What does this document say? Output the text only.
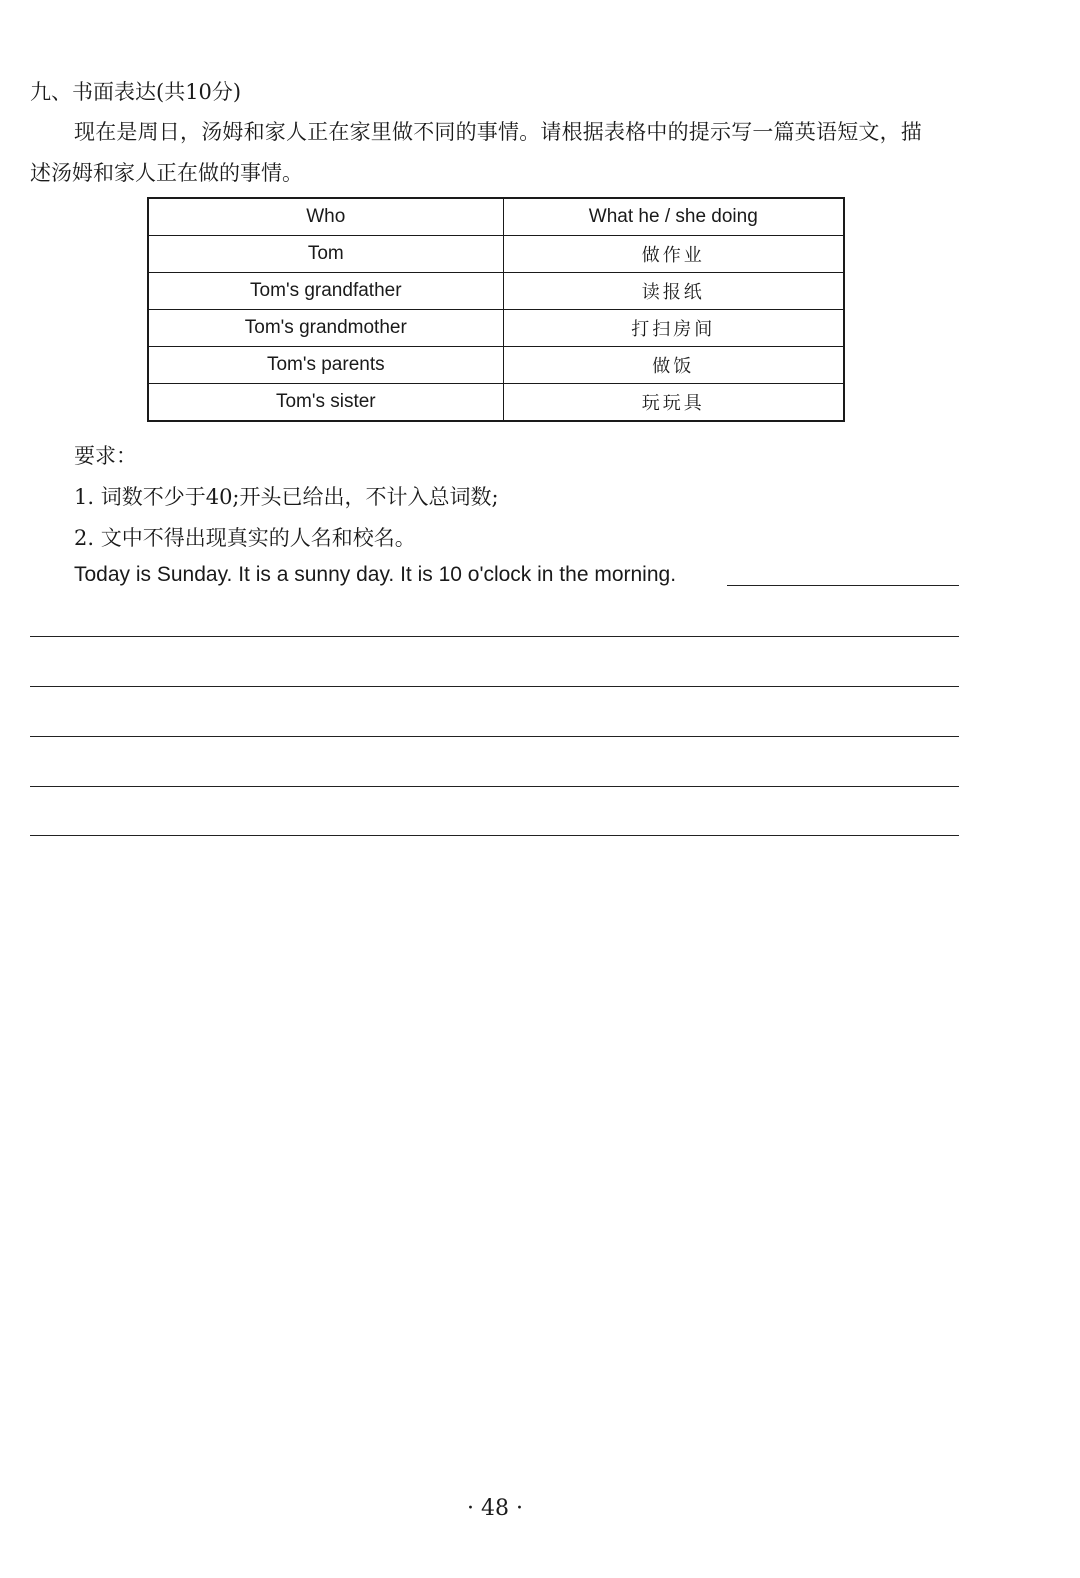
九、书面表达(共10分)
现在是周日，汤姆和家人正在家里做不同的事情。请根据表格中的提示写一篇英语短文，描
述汤姆和家人正在做的事情。
Who	What he / she doing
Tom	做作业
Tom's grandfather	读报纸
Tom's grandmother	打扫房间
Tom's parents	做饭
Tom's sister	玩玩具
要求：
1. 词数不少于40;开头已给出，不计入总词数;
2. 文中不得出现真实的人名和校名。
Today is Sunday. It is a sunny day. It is 10 o'clock in the morning.
· 48 ·
